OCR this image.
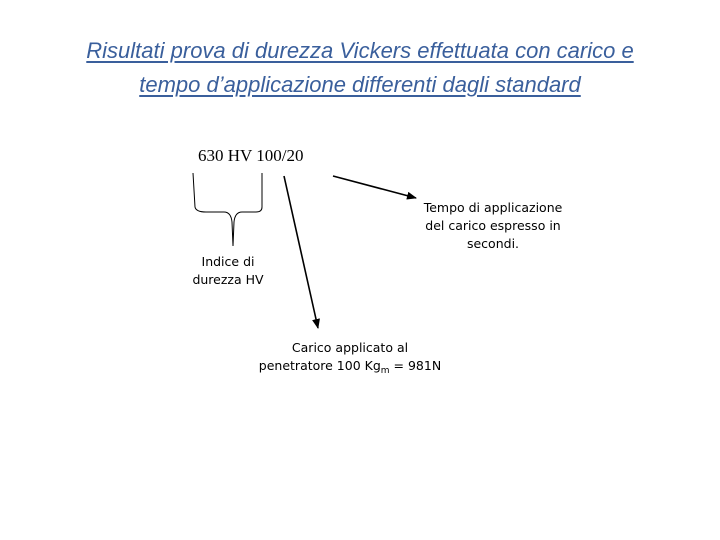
Risultati prova di durezza Vickers effettuata con carico e
tempo d’applicazione differenti dagli standard
630 HV 100/20
Indice di
durezza HV
Tempo di applicazione
del carico espresso in
secondi.
Carico applicato al
penetratore 100 $Kg_m = 981N$
